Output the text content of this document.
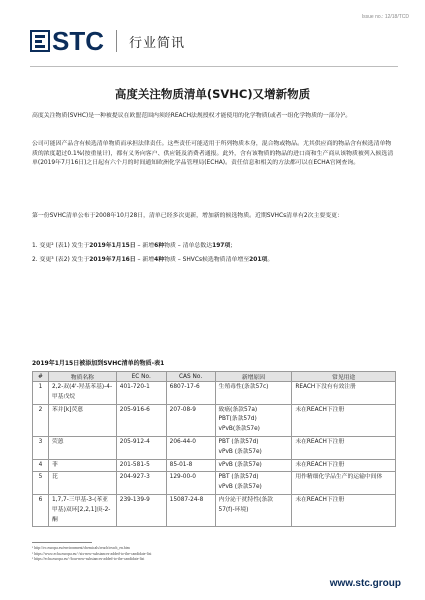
Issue no.: 12/18/TCD
STC 行业简讯
高度关注物质清单(SVHC)又增新物质
高度关注物质(SVHC)是一种被提议在欧盟范围内须经REACH法规授权才能使用的化学物质(或者一组化学物质的一部分)¹。
公司可能因产品含有候选清单物质而承担法律责任。这些责任可能适用于所列物质本身，混合物或物品。尤其供应商的物品含有候选清单物质的浓度超过0.1%(按重量计)，都有义务向客户、供应链及消费者通报。此外，含有该物质的物品的进口商和生产商从该物质被列入候选清单(2019年7月16日)之日起有六个月的时间通知欧洲化学品管理局(ECHA)。责任信息和相关的方法都可以在ECHA官网查询。
第一份SVHC清单公布于2008年10月28日，清单已经多次更新，增加新的候选物质。近期SVHCs清单有2次主要变更：
1. 变更² (表1) 发生于2019年1月15日 – 新增6种物质 – 清单总数达197项；
2. 变更³ (表2) 发生于2019年7月16日 – 新增4种物质 – SHVCs候选物质清单增至201项。
2019年1月15日被添加到SVHC清单的物质-表1
#	物质名称	EC No.	CAS No.	新增原因	常见用途
1	2,2-双(4'-羟基苯基)-4-甲基戊烷	401-720-1	6807-17-6	生殖毒性(条款57c)	REACH下没有有效注册
2	苯并[k]荧蒽	205-916-6	207-08-9	致癌(条款57a)
PBT(条款57d)
vPvB(条款57e)	未在REACH下注册
3	荧蒽	205-912-4	206-44-0	PBT (条款57d)
vPvB (条款57e)	未在REACH下注册
4	菲	201-581-5	85-01-8	vPvB (条款57e)	未在REACH下注册
5	芘	204-927-3	129-00-0	PBT (条款57d)
vPvB (条款57e)	用作精细化学品生产的运输中间体
6	1,7,7-三甲基-3-(苯亚甲基)双环[2,2,1]庚-2-酮	239-139-9	15087-24-8	内分泌干扰特性(条款57(f)-环境)	未在REACH下注册
¹ http://ec.europa.eu/environment/chemicals/reach/reach_en.htm
² https://www.echa.europa.eu/-/six-new-substances-added-to-the-candidate-list
³ https://echa.europa.eu/-/four-new-substances-added-to-the-candidate-list
www.stc.group
